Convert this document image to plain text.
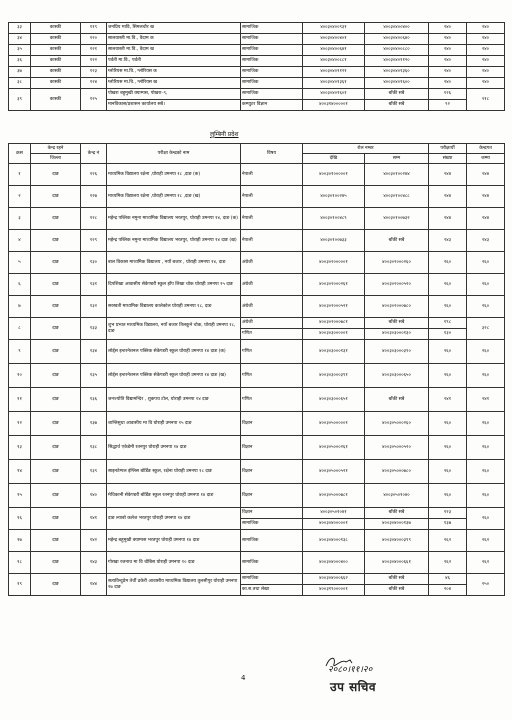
३३	कास्की	११९	जनप्रिय मावि, सिमलचौर ख	सामाजिक	४००३०४००९३१	४००३०४००४००	२४०	२४०
३४	कास्की	१२०	सालवास्ती मा.वि., वैदाम क	सामाजिक	४००३०४००४०१	४००३०४००६४०	२४०	२४०
३५	कास्की	१२१	सालवास्ती मा.वि., वैदाम ख	सामाजिक	४००३०४००६४१	४००३०४००८८०	२४०	२४०
३६	कास्की	१२२	पर्वती मा.वि., पर्वती	सामाजिक	४००३०४००८८१	४००३०४०११२०	२४०	२४०
३७	कास्की	१२३	ग्लोरियस मा.वि., ग्लोरियस क	सामाजिक	४००३०४०११२१	४००३०४०१३६०	२४०	२४०
३८	कास्की	१२४	ग्लोरियस मा.वि., ग्लोरियस ख	सामाजिक	४००३०४०१३६१	४००३०४०१६००	२४०	२४०
३९	कास्की	१२५	पोखरा बहुमुखी क्याम्पस, पोखरा–९,	सामाजिक	४००३०४०१६०१	बाँकी सबै	१२६	२१८
			मानविकास/प्रशासन कार्यालय सबै।	कम्प्युटर विज्ञान	४००३१४०००००१	बाँकी सबै	९२	
लुम्बिनी प्रदेश
क्रस	केन्द्र रहने	केन्द्र नं	परीक्षा केन्द्रको नाम	विषय	रोल नम्बर		परीक्षार्थी	केन्द्रगत
	जिल्ला				देखि	सम्म	संख्या	जम्मा
१	दाङ	१२६	माध्यमिक विद्यालय रक्षेना ,घोराही उमनपा १८ ,दाङ (क)	नेपाली	४००३०१०००००१	४००३०१००२४४	२४४	२४४
२	दाङ	१२७	माध्यमिक विद्यालय रक्षेना ,घोराही उमनपा १८ ,दाङ (ख)	नेपाली	४००३०१००२४५	४००३०१००४८८	२४४	२४४
३	दाङ	१२८	महेन्द्र पब्लिक नमुना माध्यमिक विद्यालय भरतपुर, घोराही उमनपा १४, दाङ (क)	नेपाली	४००३०१००४८९	४००३०१००७३२	२४४	२४४
४	दाङ	१२९	महेन्द्र पब्लिक नमुना माध्यमिक विद्यालय भरतपुर, घोराही उमनपा १४ दाङ (ख)	नेपाली	४००३०१००७३३	बाँकी सबै	२४३	२४३
५	दाङ	१३०	बाल विकास माध्यमिक विद्यालय , नयाँ बजार , घोराही उमनपा १४, दाङ	अंग्रेजी	४००३०२०००००१	४००३०२०००२६०	२६०	२६०
६	दाङ	१३१	दिपशिखा आवासीय सेकेण्डरी स्कुल हाँप लिखा चोक घोराही उमनपा १५ दाङ	अंग्रेजी	४००३०२०००२६१	४००३०२०००५२०	२६०	२६०
७	दाङ	१३२	सरस्वती माध्यमिक विद्यालय कालेकोल घोराही उमनपा १८, दाङ	अंग्रेजी	४००३०२०००५२१	४००३०२०००७८०	२६०	२६०
८	दाङ	१३३	शुभ प्रभात माध्यमिक विद्यालय, नयाँ बजार तिलकुने चोक, घोराही उमनपा १८, दाङ	अंग्रेजी	४००३०२०००७८१	बाँकी सबै	१९८	३२८
				गणित	४००३०३०००००१	४००३०३०००१३०	१३०	
९	दाङ	१३४	लोर्ड्स इन्टरनेशनल पब्लिक सेकेण्डरी स्कुल घोराही उमनपा १४ दाङ (क)	गणित	४००३०३०००१३१	४००३०३०००३९०	२६०	२६०
१०	दाङ	१३५	लोर्ड्स इन्टरनेशनल पब्लिक सेकेण्डरी स्कुल घोराही उमनपा १४ दाङ (ख)	गणित	४००३०३०००३९१	४००३०३०००६५०	२६०	२६०
११	दाङ	१३६	जनज्योति विद्यामन्दिर , शुकपथ टोल, घोराही उमनपा १४ दाङ	गणित	४००३०३०००६५१	बाँकी सबै	२४१	२४१
१२	दाङ	१३७	शान्तिसुधा आवासीय मा वि घोराही उमनपा १५ दाङ	विज्ञान	४००३०५०००००१	४००३०५०००२६०	२६०	२६०
१३	दाङ	१३८	सिद्धार्थ एकेडेमी रतनपुर घोराही उमनपा १४ दाङ	विज्ञान	४००३०५०००२६१	४००३०५०००५२०	२६०	२६०
१४	दाङ	१३९	साइनटेम्पल इंग्लिस बोर्डिङ स्कुल, रक्षेना घोराही उमनपा १८ दाङ	विज्ञान	४००३०५०००५२१	४००३०५०००७८०	२६०	२६०
१५	दाङ	१४०	मेथिकानी सेकेण्डरी बोर्डिङ स्कुल रतनपुर घोराही उमनपा १४ दाङ	विज्ञान	४००३०५०००७८१	४००३०५०१०४०	२६०	२६०
१६	दाङ	१४१	दाङ ल्याबो कलेज भरतपुर घोराही उमनपा १४ दाङ	विज्ञान	४००३०५०१०४१	बाँकी सबै	१२३	२६०
				सामाजिक	४००३०४०००००१	४००३०४०००१३७	१३७	
१७	दाङ	१४२	महेन्द्र बहुमुखी क्याम्पस भरतपुर घोराही उमनपा १४ दाङ	सामाजिक	४००३०४०००१३८	४००३०४०००३९९	२६२	२६२
१८	दाङ	१४३	गोरखा रजनाथ मा वि चौबिस घोराही उमनपा १० दाङ	सामाजिक	४००३०४०००४००	४००३०४०००६६१	२६२	२६२
१९	दाङ	१४४	सत्यविन्दुप्रेम तेर्थी ढकेरी आवासीय माध्यमिक विद्यालय तुलसीपुर घोराही उमनपा १७ दाङ	सामाजिक	४००३०४०००६६२	बाँकी सबै	४६	२५०
				का.स.तथा लेखा	४००३१९०००००१	बाँकी सबै	२०४	
4
२०८०।११।२०
उप सचिव
